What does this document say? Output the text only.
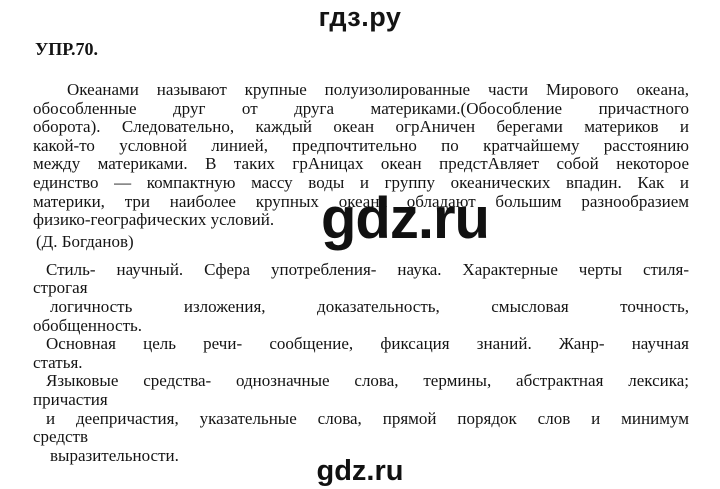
гдз.ру
УПР.70.
Океанами называют крупные полуизолированные части Мирового океана,
обособленные друг от друга материками.(Обособление причастного
оборота). Следовательно, каждый океан огрАничен берегами материков и
какой-то условной линией, предпочтительно по кратчайшему расстоянию
между материками. В таких грАницах океан предстАвляет собой некоторое
единство — компактную массу воды и группу океанических впадин. Как и
материки, три наиболее крупных океана обладают большим разнообразием
физико-географических условий.
(Д. Богданов)
Стиль- научный. Сфера употребления- наука. Характерные черты стиля-
строгая
логичность изложения, доказательность, смысловая точность,
обобщенность.
Основная цель речи- сообщение, фиксация знаний. Жанр- научная
статья.
Языковые средства- однозначные слова, термины, абстрактная лексика;
причастия
и деепричастия, указательные слова, прямой порядок слов и минимум
средств
выразительности.
gdz.ru
gdz.ru
